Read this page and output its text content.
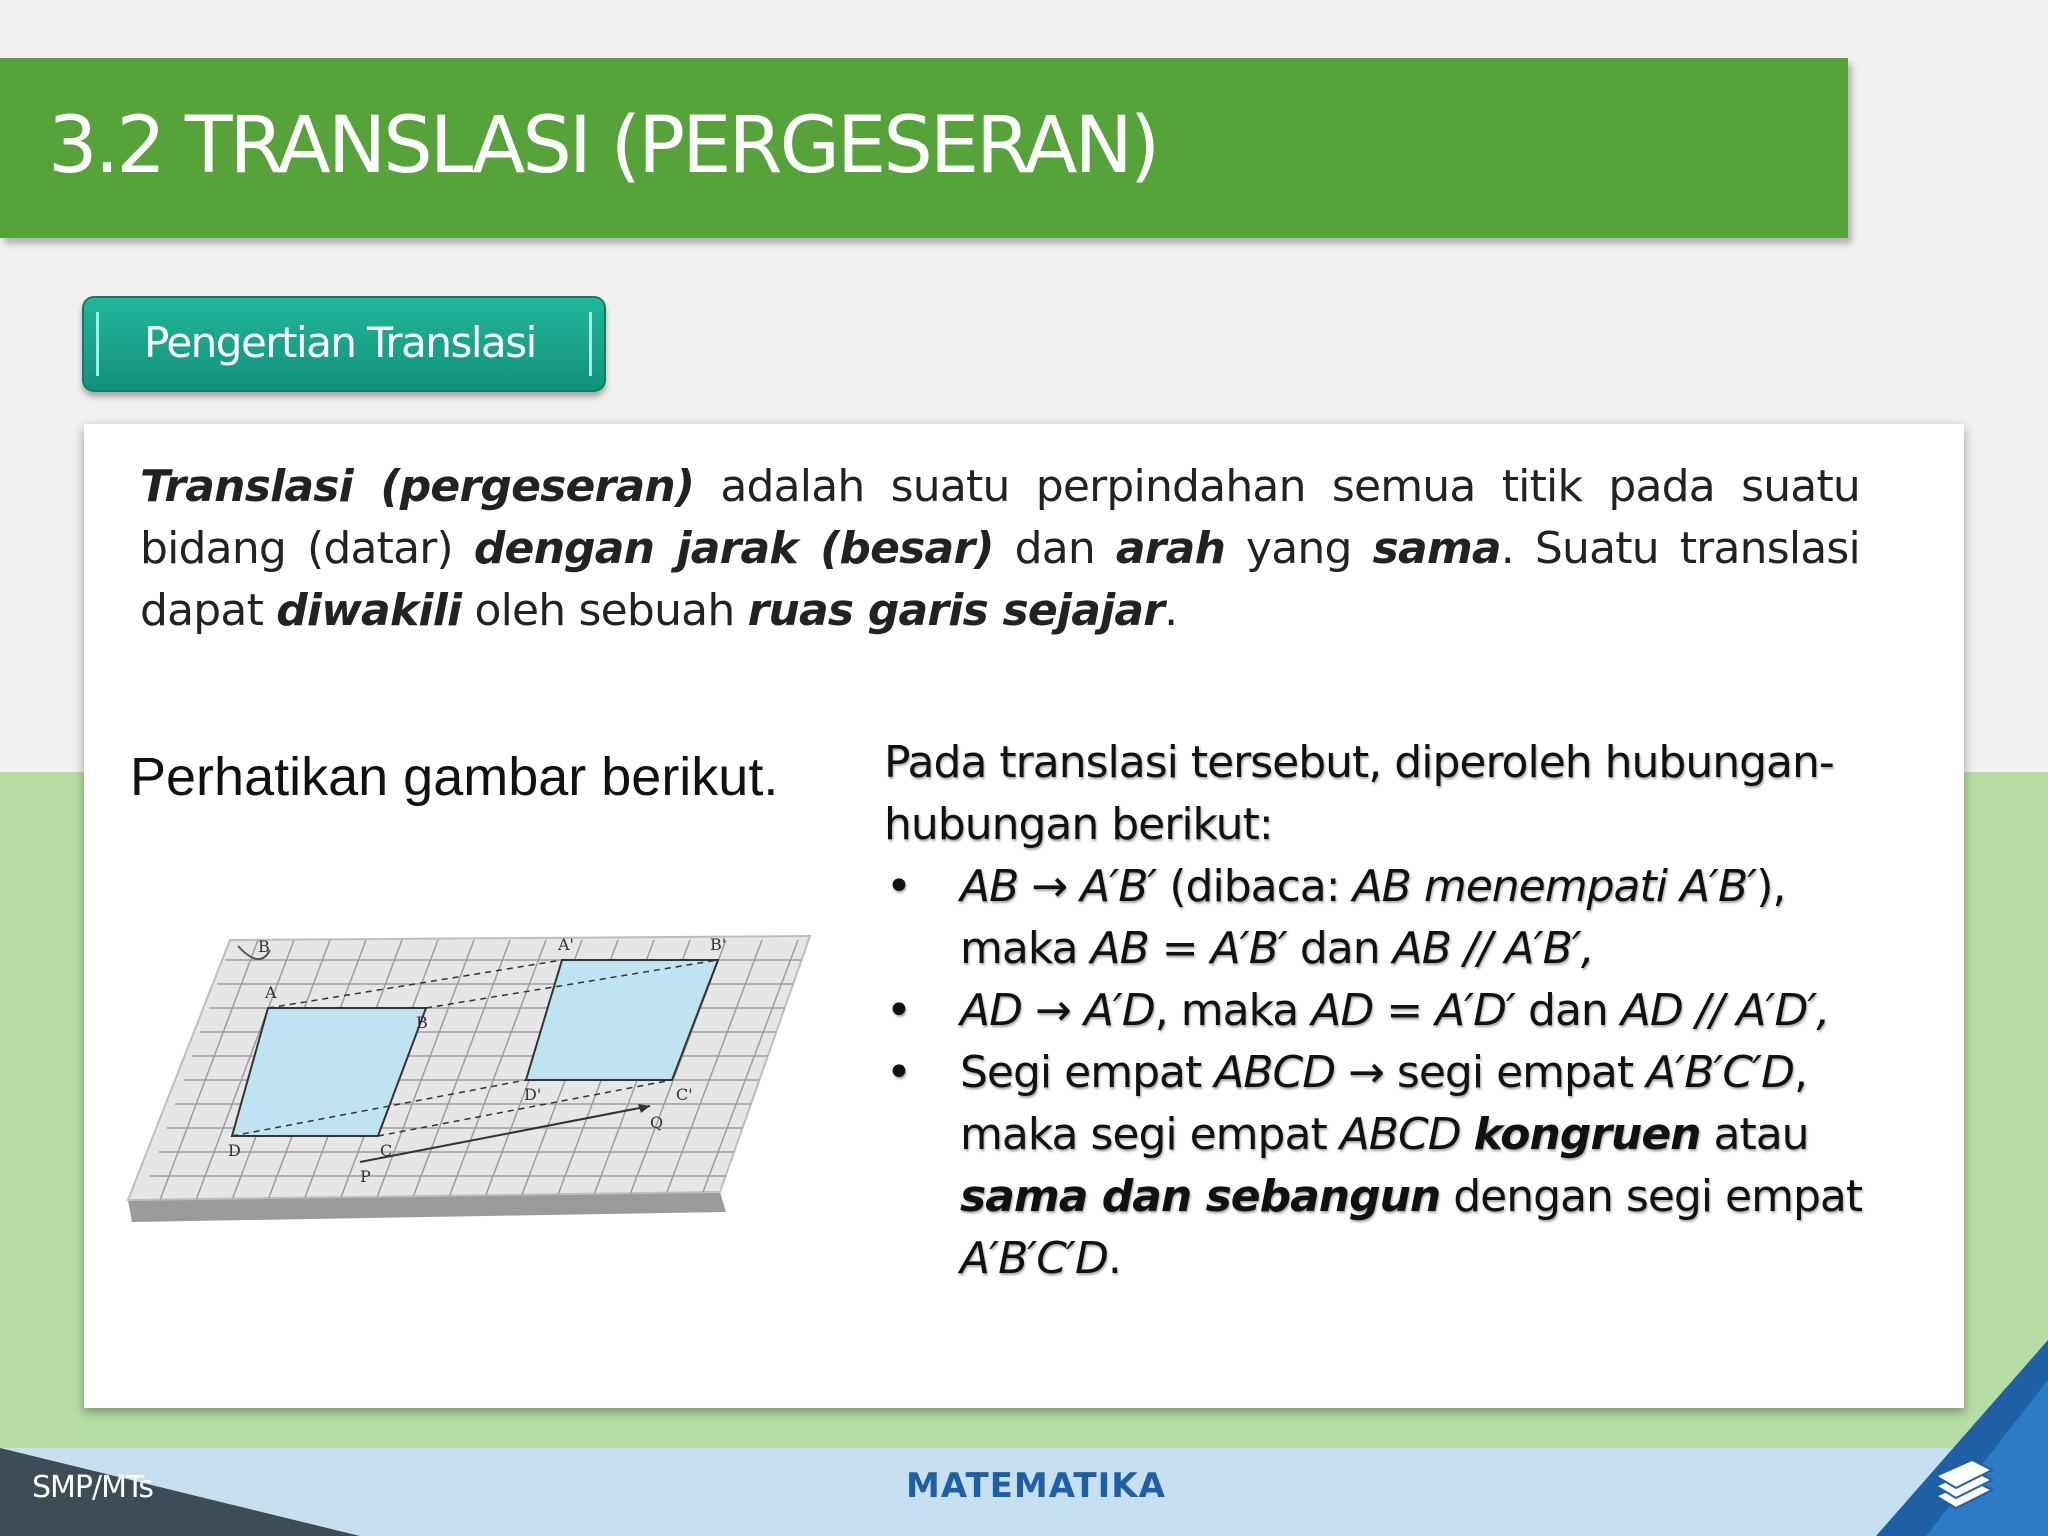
3.2 TRANSLASI (PERGESERAN)
Pengertian Translasi
Translasi (pergeseran) adalah suatu perpindahan semua titik pada suatu bidang (datar) dengan jarak (besar) dan arah yang sama. Suatu translasi dapat diwakili oleh sebuah ruas garis sejajar.
Perhatikan gambar berikut.
B
A
B
C
D
P
A'	B'
C'
D'
Q
Pada translasi tersebut, diperoleh hubungan-hubungan berikut:
• AB → A′B′ (dibaca: AB menempati A′B′),
maka AB = A′B′ dan AB // A′B′,
• AD → A′D, maka AD = A′D′ dan AD // A′D′,
• Segi empat ABCD → segi empat A′B′C′D,
maka segi empat ABCD kongruen atau
sama dan sebangun dengan segi empat
A′B′C′D.
SMP/MTs	MATEMATIKA
